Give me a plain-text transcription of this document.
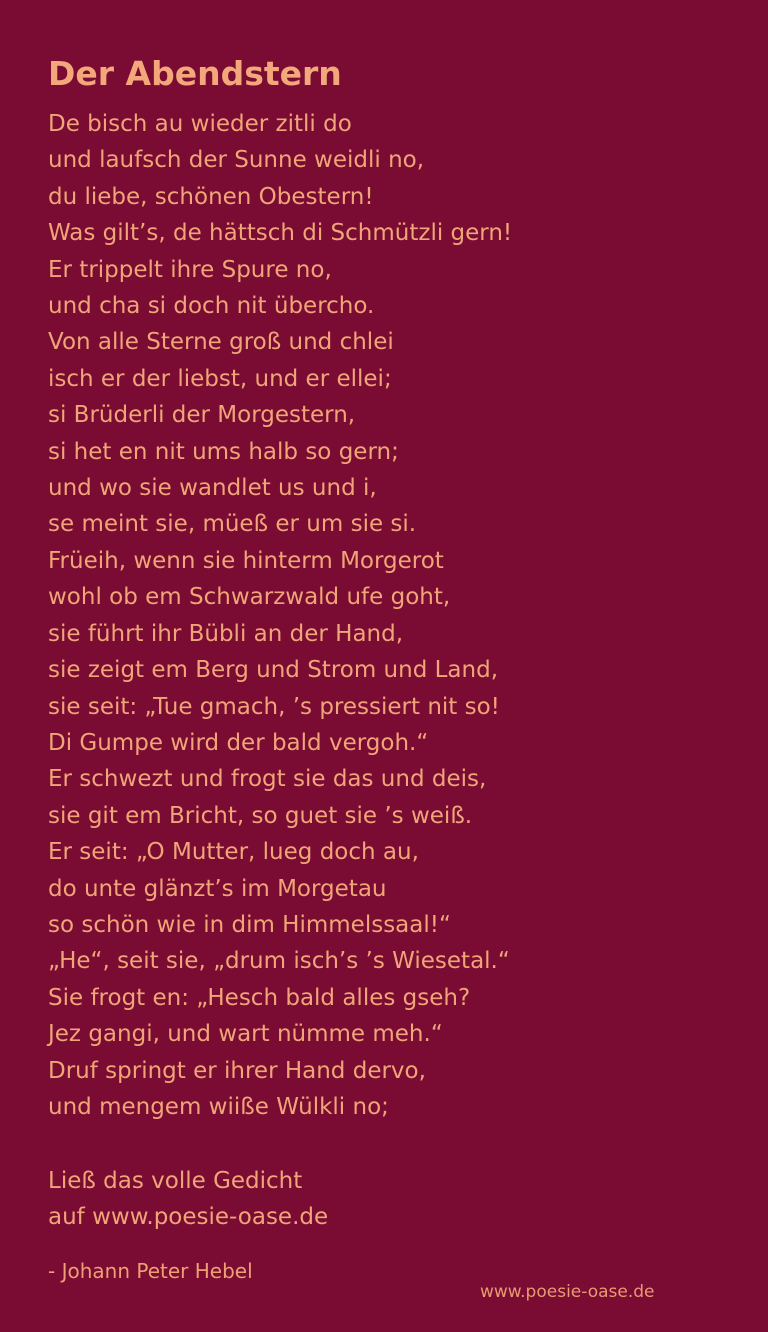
Der Abendstern
De bisch au wieder zitli do
und laufsch der Sunne weidli no,
du liebe, schönen Obestern!
Was gilt’s, de hättsch di Schmützli gern!
Er trippelt ihre Spure no,
und cha si doch nit übercho.
Von alle Sterne groß und chlei
isch er der liebst, und er ellei;
si Brüderli der Morgestern,
si het en nit ums halb so gern;
und wo sie wandlet us und i,
se meint sie, müeß er um sie si.
Früeih, wenn sie hinterm Morgerot
wohl ob em Schwarzwald ufe goht,
sie führt ihr Bübli an der Hand,
sie zeigt em Berg und Strom und Land,
sie seit: „Tue gmach, ’s pressiert nit so!
Di Gumpe wird der bald vergoh.“
Er schwezt und frogt sie das und deis,
sie git em Bricht, so guet sie ’s weiß.
Er seit: „O Mutter, lueg doch au,
do unte glänzt’s im Morgetau
so schön wie in dim Himmelssaal!“
„He“, seit sie, „drum isch’s ’s Wiesetal.“
Sie frogt en: „Hesch bald alles gseh?
Jez gangi, und wart nümme meh.“
Druf springt er ihrer Hand dervo,
und mengem wiiße Wülkli no;
Ließ das volle Gedicht
auf www.poesie-oase.de
- Johann Peter Hebel
www.poesie-oase.de
